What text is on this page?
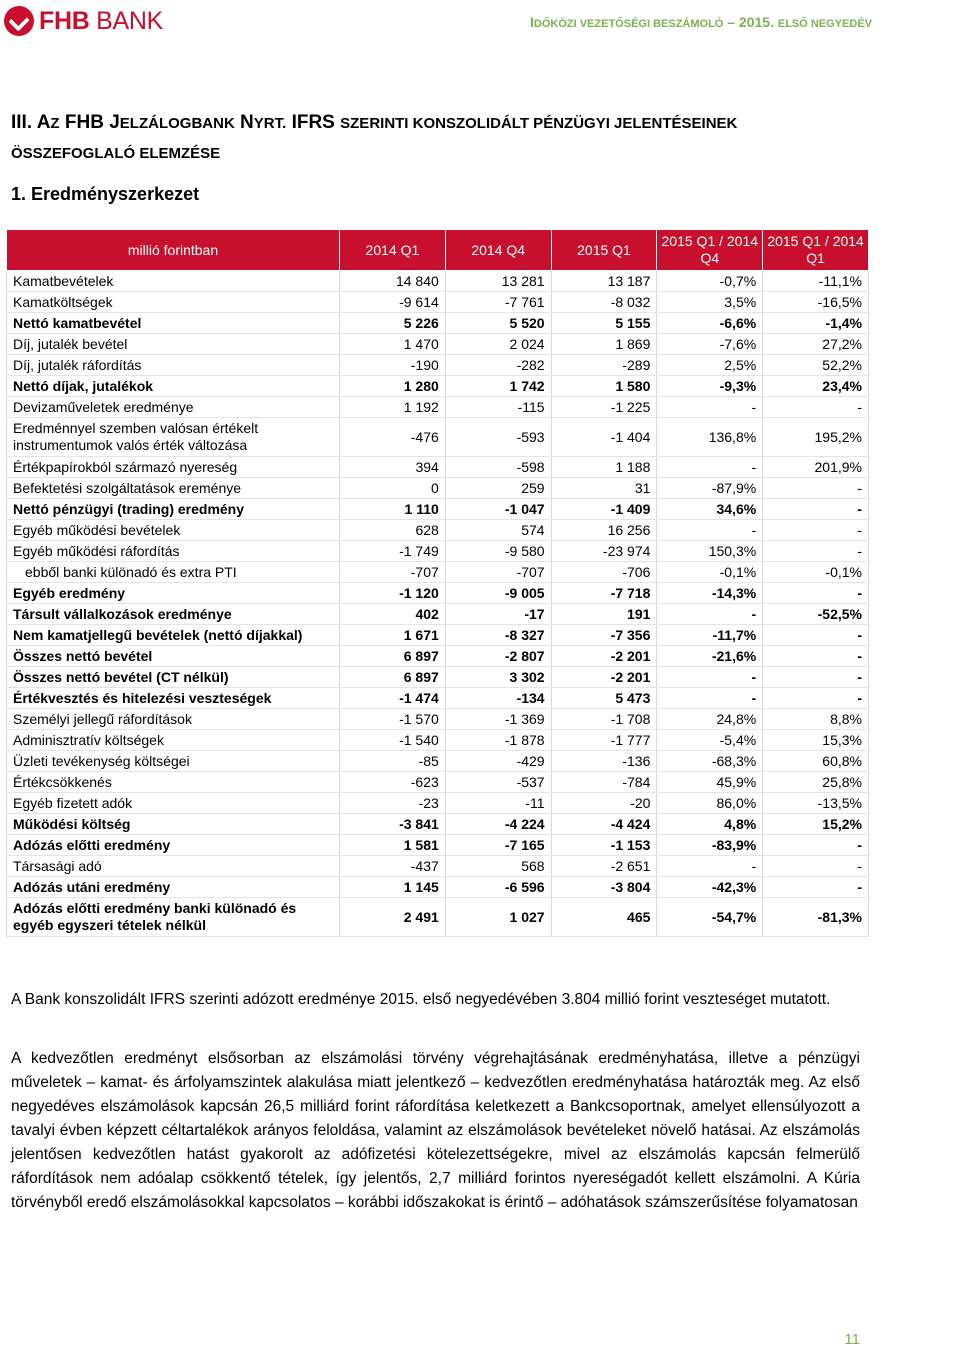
FHB BANK	IDŐKÖZI VEZETŐSÉGI BESZÁMOLÓ – 2015. ELSŐ NEGYEDÉV
III. AZ FHB JELZÁLOGBANK NYRT. IFRS SZERINTI KONSZOLIDÁLT PÉNZÜGYI JELENTÉSEINEK ÖSSZEFOGLALÓ ELEMZÉSE
1. Eredményszerkezet
millió forintban	2014 Q1	2014 Q4	2015 Q1	2015 Q1 / 2014 Q4	2015 Q1 / 2014 Q1
Kamatbevételek	14 840	13 281	13 187	-0,7%	-11,1%
Kamatköltségek	-9 614	-7 761	-8 032	3,5%	-16,5%
Nettó kamatbevétel	5 226	5 520	5 155	-6,6%	-1,4%
Díj, jutalék bevétel	1 470	2 024	1 869	-7,6%	27,2%
Díj, jutalék ráfordítás	-190	-282	-289	2,5%	52,2%
Nettó díjak, jutalékok	1 280	1 742	1 580	-9,3%	23,4%
Devizaműveletek eredménye	1 192	-115	-1 225	-	-
Eredménnyel szemben valósan értékelt instrumentumok valós érték változása	-476	-593	-1 404	136,8%	195,2%
Értékpapírokból származó nyereség	394	-598	1 188	-	201,9%
Befektetési szolgáltatások ereménye	0	259	31	-87,9%	-
Nettó pénzügyi (trading) eredmény	1 110	-1 047	-1 409	34,6%	-
Egyéb működési bevételek	628	574	16 256	-	-
Egyéb működési ráfordítás	-1 749	-9 580	-23 974	150,3%	-
ebből banki különadó és extra PTI	-707	-707	-706	-0,1%	-0,1%
Egyéb eredmény	-1 120	-9 005	-7 718	-14,3%	-
Társult vállalkozások eredménye	402	-17	191	-	-52,5%
Nem kamatjellegű bevételek (nettó díjakkal)	1 671	-8 327	-7 356	-11,7%	-
Összes nettó bevétel	6 897	-2 807	-2 201	-21,6%	-
Összes nettó bevétel (CT nélkül)	6 897	3 302	-2 201	-	-
Értékvesztés és hitelezési veszteségek	-1 474	-134	5 473	-	-
Személyi jellegű ráfordítások	-1 570	-1 369	-1 708	24,8%	8,8%
Adminisztratív költségek	-1 540	-1 878	-1 777	-5,4%	15,3%
Üzleti tevékenység költségei	-85	-429	-136	-68,3%	60,8%
Értékcsökkenés	-623	-537	-784	45,9%	25,8%
Egyéb fizetett adók	-23	-11	-20	86,0%	-13,5%
Működési költség	-3 841	-4 224	-4 424	4,8%	15,2%
Adózás előtti eredmény	1 581	-7 165	-1 153	-83,9%	-
Társasági adó	-437	568	-2 651	-	-
Adózás utáni eredmény	1 145	-6 596	-3 804	-42,3%	-
Adózás előtti eredmény banki különadó és egyéb egyszeri tételek nélkül	2 491	1 027	465	-54,7%	-81,3%
A Bank konszolidált IFRS szerinti adózott eredménye 2015. első negyedévében 3.804 millió forint veszteséget mutatott.
A kedvezőtlen eredményt elsősorban az elszámolási törvény végrehajtásának eredményhatása, illetve a pénzügyi műveletek – kamat- és árfolyamszintek alakulása miatt jelentkező – kedvezőtlen eredményhatása határozták meg. Az első negyedéves elszámolások kapcsán 26,5 milliárd forint ráfordítása keletkezett a Bankcsoportnak, amelyet ellensúlyozott a tavalyi évben képzett céltartalékok arányos feloldása, valamint az elszámolások bevételeket növelő hatásai. Az elszámolás jelentősen kedvezőtlen hatást gyakorolt az adófizetési kötelezettségekre, mivel az elszámolás kapcsán felmerülő ráfordítások nem adóalap csökkentő tételek, így jelentős, 2,7 milliárd forintos nyereségadót kellett elszámolni. A Kúria törvényből eredő elszámolásokkal kapcsolatos – korábbi időszakokat is érintő – adóhatások számszerűsítése folyamatosan
11
